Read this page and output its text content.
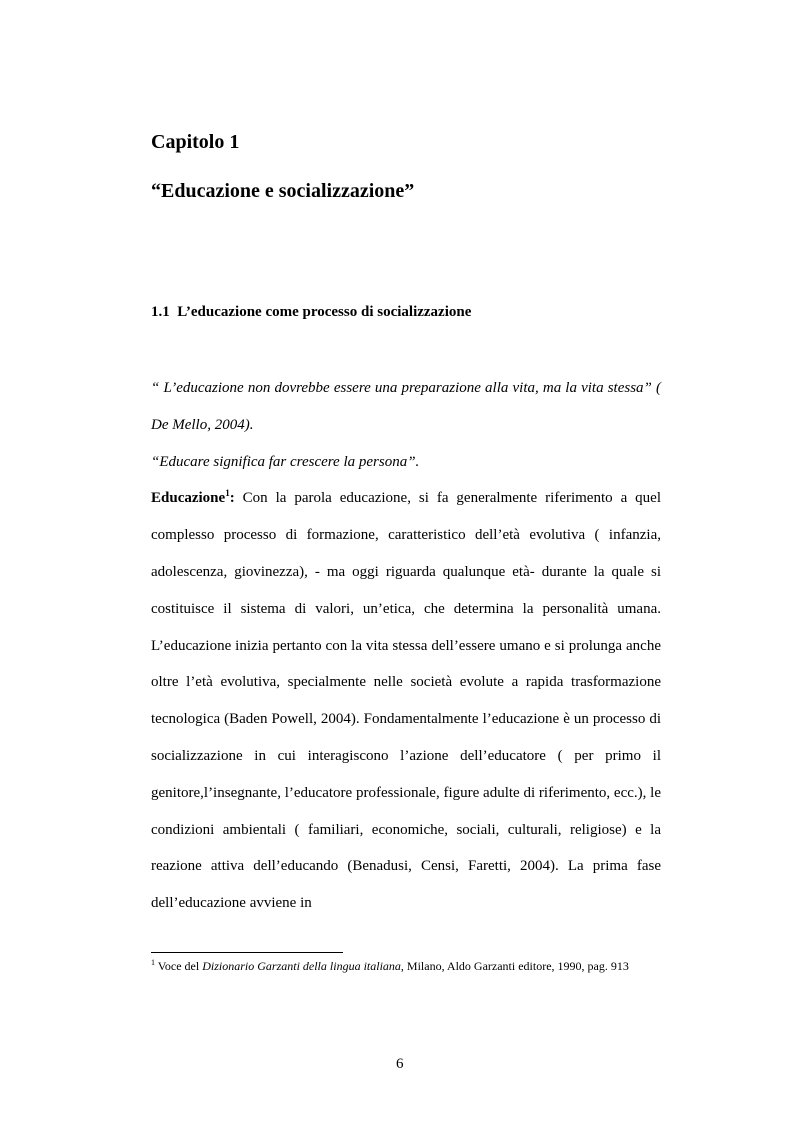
Capitolo 1
“Educazione e socializzazione”
1.1 L’educazione come processo di socializzazione

“ L’educazione non dovrebbe essere una preparazione alla vita, ma la vita stessa” ( De Mello, 2004).

“Educare significa far crescere la persona”.

Educazione$^1$: Con la parola educazione, si fa generalmente riferimento a quel complesso processo di formazione, caratteristico dell’età evolutiva ( infanzia, adolescenza, giovinezza), - ma oggi riguarda qualunque età- durante la quale si costituisce il sistema di valori, un’etica, che determina la personalità umana. L’educazione inizia pertanto con la vita stessa dell’essere umano e si prolunga anche oltre l’età evolutiva, specialmente nelle società evolute a rapida trasformazione tecnologica (Baden Powell, 2004). Fondamentalmente l’educazione è un processo di socializzazione in cui interagiscono l’azione dell’educatore ( per primo il genitore,l’insegnante, l’educatore professionale, figure adulte di riferimento, ecc.), le condizioni ambientali ( familiari, economiche, sociali, culturali, religiose) e la reazione attiva dell’educando (Benadusi, Censi, Faretti, 2004). La prima fase dell’educazione avviene in

$^1$ Voce del Dizionario Garzanti della lingua italiana, Milano, Aldo Garzanti editore, 1990, pag. 913

6
